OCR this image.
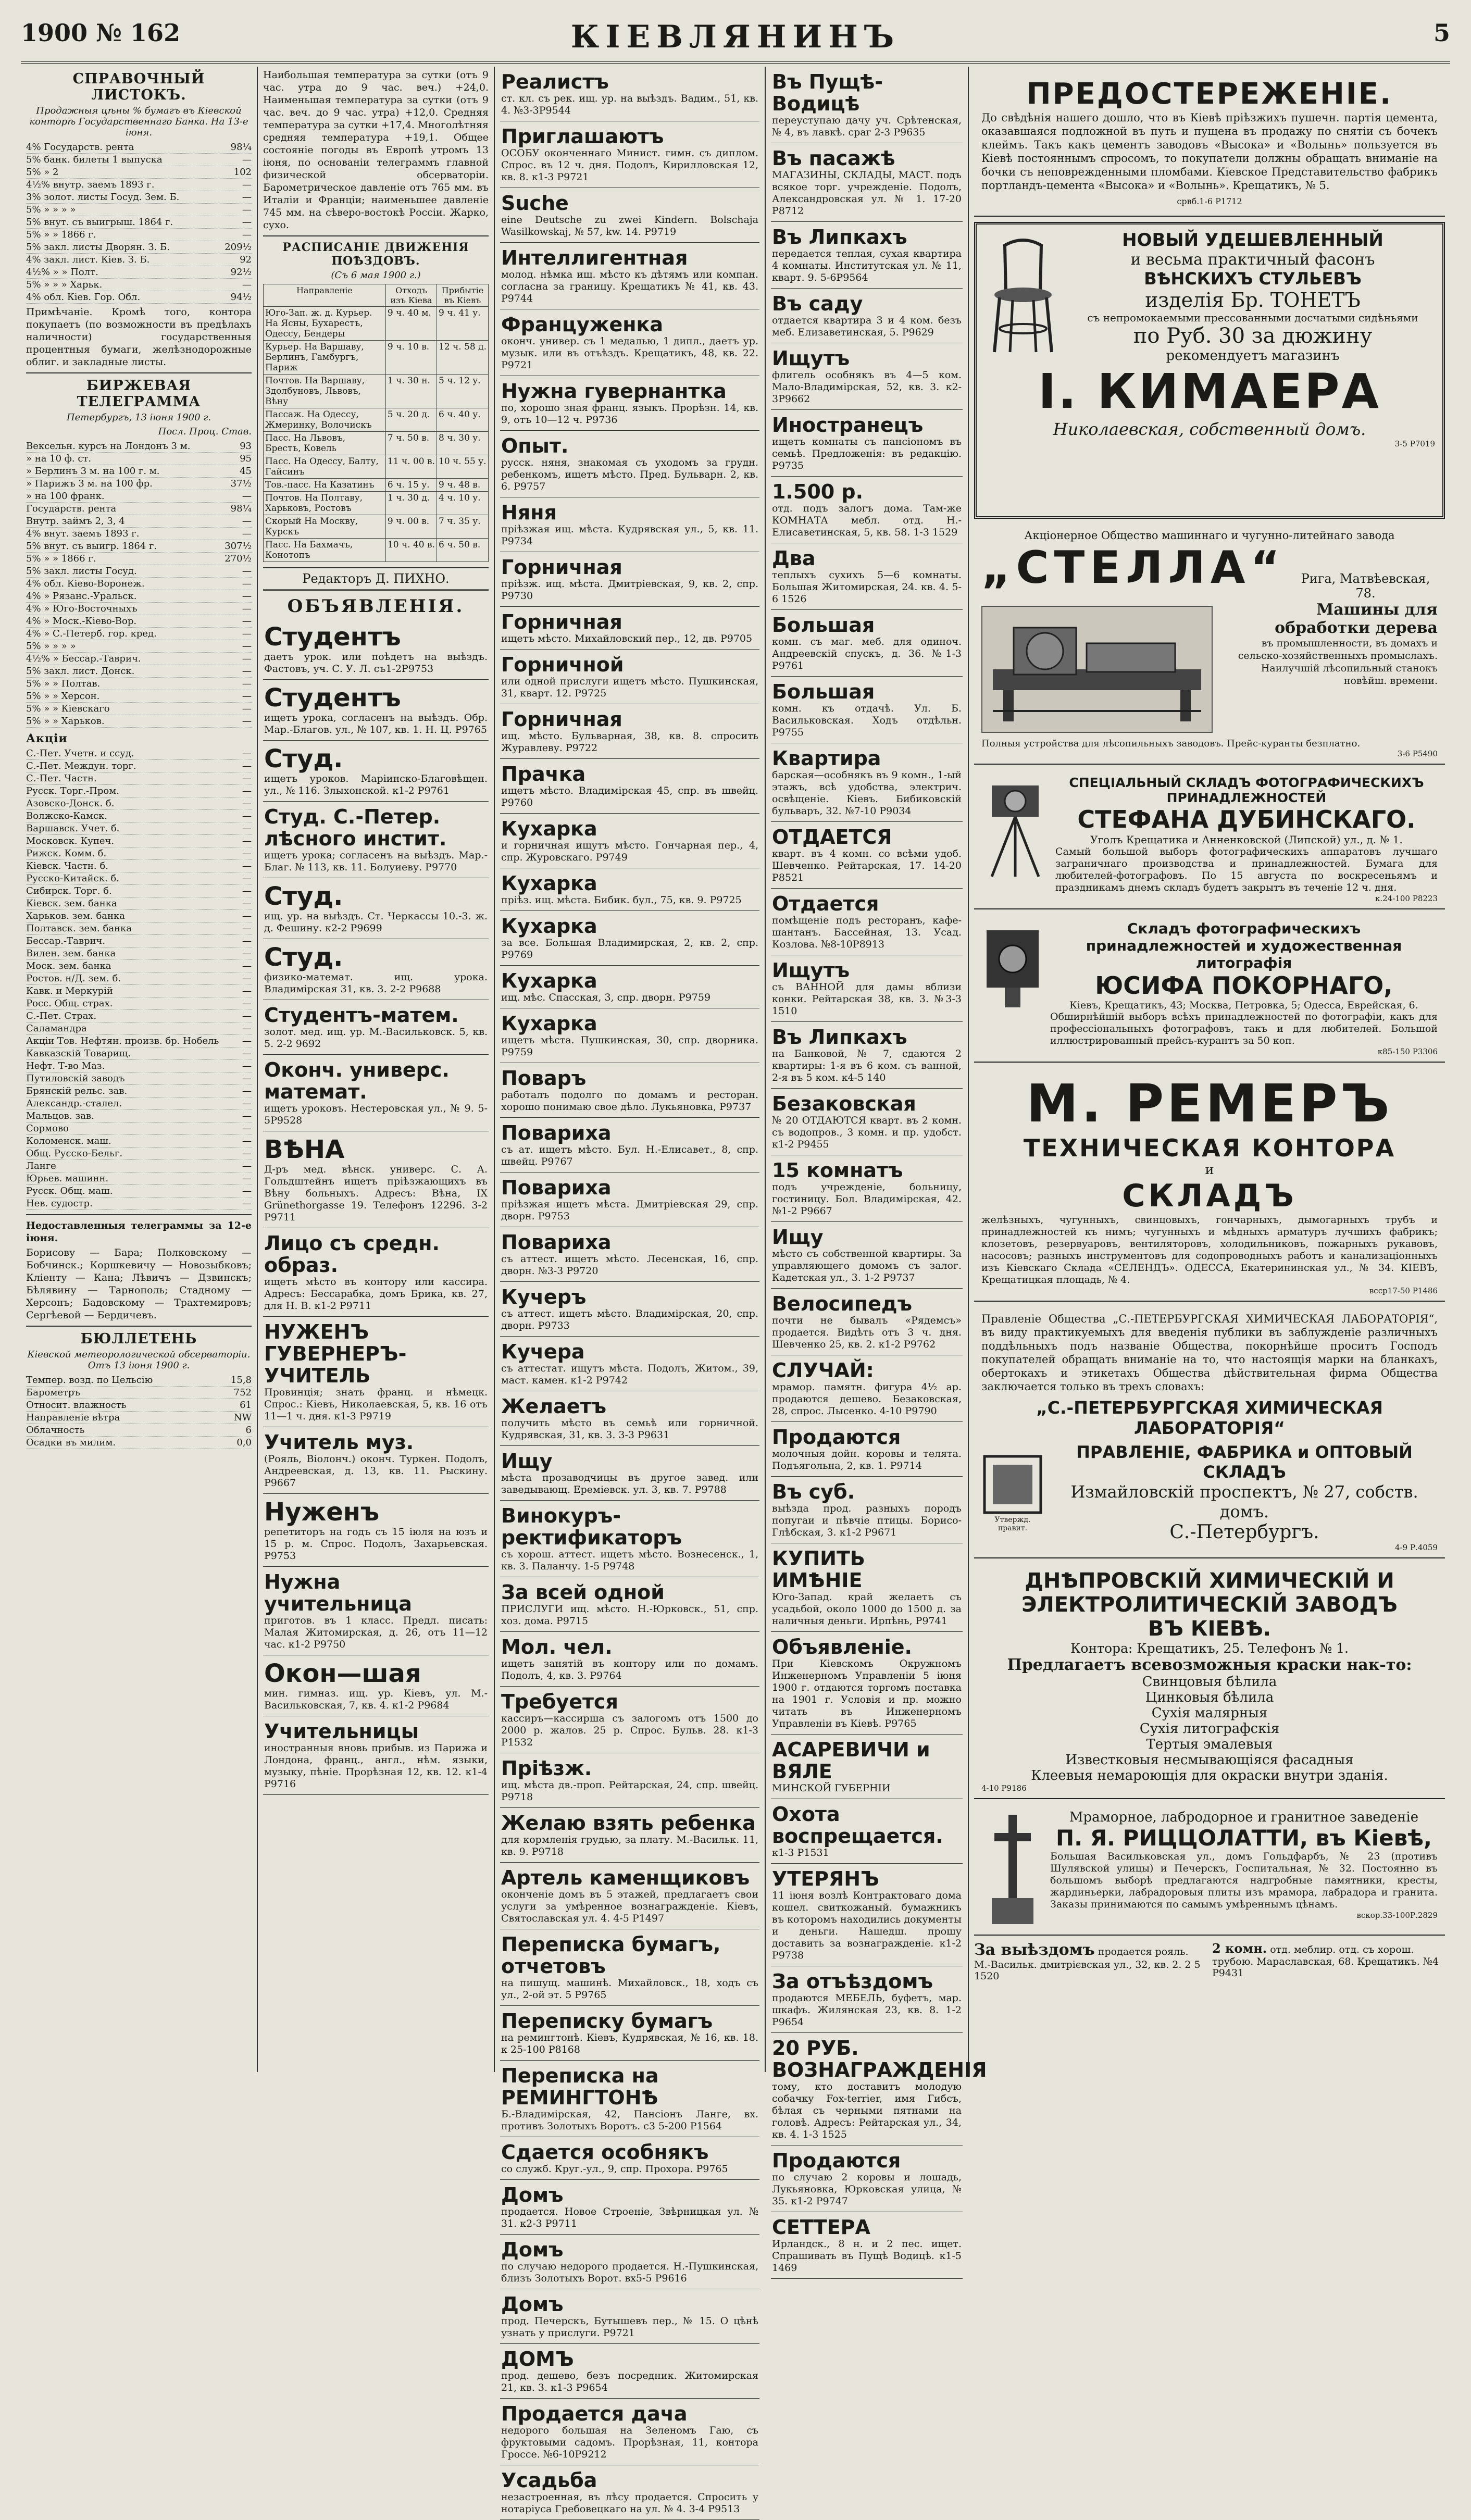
1900 № 162	КІЕВЛЯНИНЪ	5
СПРАВОЧНЫЙ ЛИСТОКЪ.
Продажныя цѣны % бумагъ въ Кіевской конторѣ Государственнаго Банка. На 13-е іюня.
4% Государств. рента	98¼
5% банк. билеты 1 выпуска	—
5% » 2	102
4½% внутр. заемъ 1893 г.	—
3% золот. листы Госуд. Зем. Б.	—
5% » » » »	—
5% внут. съ выигрыш. 1864 г.	—
5% » » 1866 г.	—
5% закл. листы Дворян. З. Б.	209½
4% закл. лист. Кіев. З. Б.	92
4½% » » Полт.	92½
5% » » » Харьк.	—
4% обл. Кіев. Гор. Обл.	94½
Примѣчаніе. Кромѣ того, контора покупаетъ (по возможности въ предѣлахъ наличности) государственныя процентныя бумаги, желѣзнодорожные облиг. и закладные листы.
БИРЖЕВАЯ ТЕЛЕГРАММА
Петербургъ, 13 іюня 1900 г.
Посл. Проц. Став.
Вексельн. курсъ на Лондонъ 3 м.	93
» на 10 ф. ст.	95
» Берлинъ 3 м. на 100 г. м.	45
» Парижъ 3 м. на 100 фр.	37½
» на 100 франк.	—
Государств. рента	98¼
Внутр. займъ 2, 3, 4	—
4% внут. заемъ 1893 г.	—
5% внут. съ выигр. 1864 г.	307½
5% » » 1866 г.	270½
5% закл. листы Госуд.	—
4% обл. Кіево-Воронеж.	—
4% » Рязанс.-Уральск.	—
4% » Юго-Восточныхъ	—
4% » Моск.-Кіево-Вор.	—
4% » С.-Петерб. гор. кред.	—
5% » » » »	—
4½% » Бессар.-Таврич.	—
5% закл. лист. Донск.	—
5% » » Полтав.	—
5% » » Херсон.	—
5% » » Кіевскаго	—
5% » » Харьков.	—
Акціи
С.-Пет. Учетн. и ссуд.	—
С.-Пет. Междун. торг.	—
С.-Пет. Частн.	—
Русск. Торг.-Пром.	—
Азовско-Донск. б.	—
Волжско-Камск.	—
Варшавск. Учет. б.	—
Московск. Купеч.	—
Рижск. Комм. б.	—
Кіевск. Частн. б.	—
Русско-Китайск. б.	—
Сибирск. Торг. б.	—
Кіевск. зем. банка	—
Харьков. зем. банка	—
Полтавск. зем. банка	—
Бессар.-Таврич.	—
Вилен. зем. банка	—
Моск. зем. банка	—
Ростов. н/Д. зем. б.	—
Кавк. и Меркурій	—
Росс. Общ. страх.	—
С.-Пет. Страх.	—
Саламандра	—
Акціи Тов. Нефтян. произв. бр. Нобель	—
Кавказскій Товарищ.	—
Нефт. Т-во Маз.	—
Путиловскій заводъ	—
Брянскій рельс. зав.	—
Александр.-сталел.	—
Мальцов. зав.	—
Сормово	—
Коломенск. маш.	—
Общ. Русско-Бельг.	—
Ланге	—
Юрьев. машинн.	—
Русск. Общ. маш.	—
Нев. судостр.	—
Недоставленныя телеграммы за 12-е іюня.
Борисову — Бара; Полковскому — Бобчинск.; Коршкевичу — Новозыбковъ; Кліенту — Кана; Лѣвичъ — Дзвинскъ; Бѣлявину — Тарнополь; Стадному — Херсонъ; Бадовскому — Трахтемировъ; Сергѣевой — Бердичевъ.
БЮЛЛЕТЕНЬ
Кіевской метеорологической обсерваторіи. Отъ 13 іюня 1900 г.
Темпер. возд. по Цельсію	15,8
Барометръ	752
Относит. влажность	61
Направленіе вѣтра	NW
Облачность	6
Осадки въ милим.	0,0
Наибольшая температура за сутки (отъ 9 час. утра до 9 час. веч.) +24,0. Наименьшая температура за сутки (отъ 9 час. веч. до 9 час. утра) +12,0. Средняя температура за сутки +17,4. Многолѣтняя средняя температура +19,1. Общее состояніе погоды въ Европѣ утромъ 13 іюня, по основаніи телеграммъ главной физической обсерваторіи. Барометрическое давленіе отъ 765 мм. въ Италіи и Франціи; наименьшее давленіе 745 мм. на сѣверо-востокѣ Россіи. Жарко, сухо.
РАСПИСАНІЕ ДВИЖЕНІЯ ПОѢЗДОВЪ.
(Съ 6 мая 1900 г.)
Направленіе	Отходъ изъ Кіева	Прибытіе въ Кіевъ
Юго-Зап. ж. д. Курьер. На Ясны, Бухарестъ, Одессу, Бендеры	9 ч. 40 м.	9 ч. 41 у.
Курьер. На Варшаву, Берлинъ, Гамбургъ, Париж	9 ч. 10 в.	12 ч. 58 д.
Почтов. На Варшаву, Здолбуновъ, Львовъ, Вѣну	1 ч. 30 н.	5 ч. 12 у.
Пассаж. На Одессу, Жмеринку, Волочискъ	5 ч. 20 д.	6 ч. 40 у.
Пасс. На Львовъ, Брестъ, Ковель	7 ч. 50 в.	8 ч. 30 у.
Пасс. На Одессу, Балту, Гайсинъ	11 ч. 00 в.	10 ч. 55 у.
Тов.-пасс. На Казатинъ	6 ч. 15 у.	9 ч. 48 в.
Почтов. На Полтаву, Харьковъ, Ростовъ	1 ч. 30 д.	4 ч. 10 у.
Скорый На Москву, Курскъ	9 ч. 00 в.	7 ч. 35 у.
Пасс. На Бахмачъ, Конотопъ	10 ч. 40 в.	6 ч. 50 в.
Редакторъ Д. ПИХНО.
ОБЪЯВЛЕНІЯ.
Студентъ
даетъ урок. или поѣдетъ на выѣздъ. Фастовъ, уч. С. У. Л. съ1-2Р9753
Студентъ
ищетъ урока, согласенъ на выѣздъ. Обр. Мар.-Благов. ул., № 107, кв. 1. Н. Ц. Р9765
Студ.
ищетъ уроков. Маріинско-Благовѣщен. ул., № 116. Злыхонской. к1-2 Р9761
Студ. С.-Петер. лѣсного инстит.
ищетъ урока; согласенъ на выѣздъ. Мар.-Благ. № 113, кв. 11. Болуиеву. Р9770
Студ.
ищ. ур. на выѣздъ. Ст. Черкассы 10.-3. ж. д. Фешину. к2-2 Р9699
Студ.
физико-математ. ищ. урока. Владимірская 31, кв. 3. 2-2 Р9688
Студентъ-матем.
золот. мед. ищ. ур. М.-Васильковск. 5, кв. 5. 2-2 9692
Оконч. универс. математ.
ищетъ уроковъ. Нестеровская ул., № 9. 5-5Р9528
ВѢНА
Д-ръ мед. вѣнск. универс. С. А. Гольдштейнъ ищетъ пріѣзжающихъ въ Вѣну больныхъ. Адресъ: Вѣна, IX Grünethorgasse 19. Телефонъ 12296. 3-2 Р9711
Лицо съ средн. образ.
ищетъ мѣсто въ контору или кассира. Адресъ: Бессарабка, домъ Брика, кв. 27, для Н. В. к1-2 Р9711
НУЖЕНЪ ГУВЕРНЕРЪ-УЧИТЕЛЬ
Провинція; знать франц. и нѣмецк. Спрос.: Кіевъ, Николаевская, 5, кв. 16 отъ 11—1 ч. дня. к1-3 Р9719
Учитель муз.
(Рояль, Віолонч.) оконч. Туркен. Подолъ, Андреевская, д. 13, кв. 11. Рыскину. Р9667
Нуженъ
репетиторъ на годъ съ 15 іюля на юзъ и 15 р. м. Спрос. Подолъ, Захарьевская. Р9753
Нужна учительница
приготов. въ 1 класс. Предл. писать: Малая Житомирская, д. 26, отъ 11—12 час. к1-2 Р9750
Окон—шая
мин. гимназ. ищ. ур. Кіевъ, ул. М.-Васильковская, 7, кв. 4. к1-2 Р9684
Учительницы
иностранныя вновь прибыв. из Парижа и Лондона, франц., англ., нѣм. языки, музыку, пѣніе. Прорѣзная 12, кв. 12. к1-4 Р9716
Реалистъ
ст. кл. съ рек. ищ. ур. на выѣздъ. Вадим., 51, кв. 4. №3-3Р9544
Приглашаютъ
ОСОБУ оконченнаго Минист. гимн. съ диплом. Спрос. въ 12 ч. дня. Подолъ, Кирилловская 12, кв. 8. к1-3 Р9721
Suche
eine Deutsche zu zwei Kindern. Bolschaja Wasilkowskaj, № 57, kw. 14. Р9719
Интеллигентная
молод. нѣмка ищ. мѣсто къ дѣтямъ или компан. согласна за границу. Крещатикъ № 41, кв. 43. Р9744
Француженка
оконч. универ. съ 1 медалью, 1 дипл., даетъ ур. музык. или въ отъѣздъ. Крещатикъ, 48, кв. 22. Р9721
Нужна гувернантка
по, хорошо зная франц. языкъ. Прорѣзн. 14, кв. 9, отъ 10—12 ч. Р9736
Опыт.
русск. няня, знакомая съ уходомъ за грудн. ребенкомъ, ищетъ мѣсто. Пред. Бульварн. 2, кв. 6. Р9757
Няня
пріѣзжая ищ. мѣста. Кудрявская ул., 5, кв. 11. Р9734
Горничная
пріѣзж. ищ. мѣста. Дмитріевская, 9, кв. 2, спр. Р9730
Горничная
ищетъ мѣсто. Михайловский пер., 12, дв. Р9705
Горничной
или одной прислуги ищетъ мѣсто. Пушкинская, 31, кварт. 12. Р9725
Горничная
ищ. мѣсто. Бульварная, 38, кв. 8. спросить Журавлеву. Р9722
Прачка
ищетъ мѣсто. Владимірская 45, спр. въ швейц. Р9760
Кухарка
и горничная ищутъ мѣсто. Гончарная пер., 4, спр. Журовскаго. Р9749
Кухарка
пріѣз. ищ. мѣста. Бибик. бул., 75, кв. 9. Р9725
Кухарка
за все. Большая Владимирская, 2, кв. 2, спр. Р9769
Кухарка
ищ. мѣс. Спасская, 3, спр. дворн. Р9759
Кухарка
ищетъ мѣста. Пушкинская, 30, спр. дворника. Р9759
Поваръ
работалъ подолго по домамъ и ресторан. хорошо понимаю свое дѣло. Лукьяновка, Р9737
Повариха
съ ат. ищетъ мѣсто. Бул. Н.-Елисавет., 8, спр. швейц. Р9767
Повариха
пріѣзжая ищетъ мѣста. Дмитріевская 29, спр. дворн. Р9753
Повариха
съ аттест. ищетъ мѣсто. Лесенская, 16, спр. дворн. №3-3 Р9720
Кучеръ
съ аттест. ищетъ мѣсто. Владимірская, 20, спр. дворн. Р9733
Кучера
съ аттестат. ищутъ мѣста. Подолъ, Житом., 39, маст. камен. к1-2 Р9742
Желаетъ
получить мѣсто въ семьѣ или горничной. Кудрявская, 31, кв. 3. 3-3 Р9631
Ищу
мѣста прозаводчицы въ другое завед. или заведывающ. Ереміевск. ул. 3, кв. 7. Р9788
Винокуръ-ректификаторъ
съ хорош. аттест. ищетъ мѣсто. Вознесенск., 1, кв. 3. Паланчу. 1-5 Р9748
За всей одной
ПРИСЛУГИ ищ. мѣсто. Н.-Юрковск., 51, спр. хоз. дома. Р9715
Мол. чел.
ищетъ занятій въ контору или по домамъ. Подолъ, 4, кв. 3. Р9764
Требуется
кассиръ—кассирша съ залогомъ отъ 1500 до 2000 р. жалов. 25 р. Спрос. Бульв. 28. к1-3 Р1532
Пріѣзж.
ищ. мѣста дв.-проп. Рейтарская, 24, спр. швейц. Р9718
Желаю взять ребенка
для кормленія грудью, за плату. М.-Васильк. 11, кв. 9. Р9718
Артель каменщиковъ
оконченіе домъ въ 5 этажей, предлагаетъ свои услуги за умѣренное вознагражденіе. Кіевъ, Святославская ул. 4. 4-5 Р1497
Переписка бумагъ, отчетовъ
на пишущ. машинѣ. Михайловск., 18, ходъ съ ул., 2-ой эт. 5 Р9765
Переписку бумагъ
на ремингтонѣ. Кіевъ, Кудрявская, № 16, кв. 18. к 25-100 Р8168
Переписка на РЕМИНГТОНѢ
Б.-Владимірская, 42, Пансіонъ Ланге, вх. противъ Золотыхъ Воротъ. с3 5-200 Р1564
Сдается особнякъ
со служб. Круг.-ул., 9, спр. Прохора. Р9765
Домъ
продается. Новое Строеніе, Звѣрницкая ул. № 31. к2-3 Р9711
Домъ
по случаю недорого продается. Н.-Пушкинская, близъ Золотыхъ Ворот. вх5-5 Р9616
Домъ
прод. Печерскъ, Бутышевъ пер., № 15. О цѣнѣ узнать у прислуги. Р9721
ДОМЪ
прод. дешево, безъ посредник. Житомирская 21, кв. 3. к1-3 Р9654
Продается дача
недорого большая на Зеленомъ Гаю, съ фруктовыми садомъ. Прорѣзная, 11, контора Гроссе. №6-10Р9212
Усадьба
незастроенная, въ лѣсу продается. Спросить у нотаріуса Гребовецкаго на ул. № 4. 3-4 Р9513
Въ Пущѣ-Водицѣ
переуступаю дачу уч. Срѣтенская, № 4, въ лавкѣ. сраг 2-3 Р9635
Въ пасажѣ
МАГАЗИНЫ, СКЛАДЫ, МАСТ. подъ всякое торг. учрежденіе. Подолъ, Александровская ул. № 1. 17-20 Р8712
Въ Липкахъ
передается теплая, сухая квартира 4 комнаты. Институтская ул. № 11, кварт. 9. 5-6Р9564
Въ саду
отдается квартира 3 и 4 ком. безъ меб. Елизаветинская, 5. Р9629
Ищутъ
флигель особнякъ въ 4—5 ком. Мало-Владимірская, 52, кв. 3. к2-3Р9662
Иностранецъ
ищетъ комнаты съ пансіономъ въ семьѣ. Предложенія: въ редакцію. Р9735
1.500 р.
отд. подъ залогъ дома. Там-же КОМНАТА мебл. отд. Н.-Елисаветинская, 5, кв. 58. 1-3 1529
Два
теплыхъ сухихъ 5—6 комнаты. Большая Житомирская, 24. кв. 4. 5-6 1526
Большая
комн. съ маг. меб. для одиноч. Андреевскій спускъ, д. 36. №1-3 Р9761
Большая
комн. къ отдачѣ. Ул. Б. Васильковская. Ходъ отдѣльн. Р9755
Квартира
барская—особнякъ въ 9 комн., 1-ый этажъ, всѣ удобства, электрич. освѣщеніе. Кіевъ. Бибиковскій бульваръ, 32. №7-10 Р9034
ОТДАЕТСЯ
кварт. въ 4 комн. со всѣми удоб. Шевченко. Рейтарская, 17. 14-20 Р8521
Отдается
помѣщеніе подъ ресторанъ, кафе-шантанъ. Бассейная, 13. Усад. Козлова. №8-10Р8913
Ищутъ
съ ВАННОЙ для дамы вблизи конки. Рейтарская 38, кв. 3. №3-3 1510
Въ Липкахъ
на Банковой, № 7, сдаются 2 квартиры: 1-я въ 6 ком. съ ванной, 2-я въ 5 ком. к4-5 140
Безаковская
№ 20 ОТДАЮТСЯ кварт. въ 2 комн. съ водопров., 3 комн. и пр. удобст. к1-2 Р9455
15 комнатъ
подъ учрежденіе, больницу, гостиницу. Бол. Владимірская, 42. №1-2 Р9667
Ищу
мѣсто съ собственной квартиры. За управляющего домомъ съ залог. Кадетская ул., 3. 1-2 Р9737
Велосипедъ
почти не бывалъ «Рядемсъ» продается. Видѣть отъ 3 ч. дня. Шевченко 25, кв. 2. к1-2 Р9762
СЛУЧАЙ:
мрамор. памятн. фигура 4½ ар. продаются дешево. Безаковская, 28, спрос. Лысенко. 4-10 Р9790
Продаются
молочныя дойн. коровы и телята. Подъягольна, 2, кв. 1. Р9714
Въ суб.
выѣзда прод. разныхъ породъ попугаи и пѣвчіе птицы. Борисо-Глѣбская, 3. к1-2 Р9671
КУПИТЬ ИМѢНІЕ
Юго-Запад. край желаетъ съ усадьбой, около 1000 до 1500 д. за наличныя деньги. Ирпѣнь, Р9741
Объявленіе.
При Кіевскомъ Окружномъ Инженерномъ Управленіи 5 іюня 1900 г. отдаются торгомъ поставка на 1901 г. Условія и пр. можно читать въ Инженерномъ Управленіи въ Кіевѣ. Р9765
АСАРЕВИЧИ и ВЯЛЕ
МИНСКОЙ ГУБЕРНІИ
Охота воспрещается.
к1-3 Р1531
УТЕРЯНЪ
11 іюня возлѣ Контрактоваго дома кошел. свиткожаный. бумажникъ въ которомъ находились документы и деньги. Нашедш. прошу доставить за вознагражденіе. к1-2 Р9738
За отъѣздомъ
продаются МЕБЕЛЬ, буфетъ, мар. шкафъ. Жилянская 23, кв. 8. 1-2 Р9654
20 РУБ. ВОЗНАГРАЖДЕНІЯ
тому, кто доставитъ молодую собачку Fox-terrier, имя Гибсъ, бѣлая съ черными пятнами на головѣ. Адресъ: Рейтарская ул., 34, кв. 4. 1-3 1525
Продаются
по случаю 2 коровы и лошадь, Лукьяновка, Юрковская улица, № 35. к1-2 Р9747
СЕТТЕРА
Ирландск., 8 н. и 2 пес. ищет. Спрашивать въ Пущѣ Водицѣ. к1-5 1469
ПРЕДОСТЕРЕЖЕНІЕ.
До свѣдѣнія нашего дошло, что въ Кіевѣ пріѣзжихъ пушечн. партія цемента, оказавшаяся подложной въ путь и пущена въ продажу по снятіи съ бочекъ клеймъ. Такъ какъ цементъ заводовъ «Высока» и «Волынь» пользуется въ Кіевѣ постояннымъ спросомъ, то покупатели должны обращать вниманіе на бочки съ неповрежденными пломбами. Кіевское Представительство фабрикъ портландъ-цемента «Высока» и «Волынь». Крещатикъ, № 5.
срвб.1-6 Р1712
НОВЫЙ УДЕШЕВЛЕННЫЙ
и весьма практичный фасонъ
ВѢНСКИХЪ СТУЛЬЕВЪ
изделія Бр. ТОНЕТЪ
съ непромокаемыми прессованными досчатыми сидѣньями
по Руб. 30 за дюжину
рекомендуетъ магазинъ
І. КИМАЕРА
Николаевская, собственный домъ.
3-5 Р7019
Акціонерное Общество машиннаго и чугунно-литейнаго завода
„СТЕЛЛА“	Рига, Матвѣевская, 78.
Машины для обработки дерева
въ промышленности, въ домахъ и сельско-хозяйственныхъ промыслахъ. Наилучшій лѣсопильный станокъ новѣйш. времени.
Полныя устройства для лѣсопильныхъ заводовъ. Прейс-куранты безплатно.
3-6 Р5490
СПЕЦІАЛЬНЫЙ СКЛАДЪ ФОТОГРАФИЧЕСКИХЪ ПРИНАДЛЕЖНОСТЕЙ
СТЕФАНА ДУБИНСКАГО.
Уголъ Крещатика и Анненковской (Липской) ул., д. № 1.
Самый большой выборъ фотографическихъ аппаратовъ лучшаго заграничнаго производства и принадлежностей. Бумага для любителей-фотографовъ. По 15 августа по воскресеньямъ и праздникамъ днемъ складъ будетъ закрытъ въ теченіе 12 ч. дня.
к.24-100 Р8223
Складъ фотографическихъ принадлежностей и художественная литографія
ЮСИФА ПОКОРНАГО,
Кіевъ, Крещатикъ, 43; Москва, Петровка, 5; Одесса, Еврейская, 6.
Обширнѣйшій выборъ всѣхъ принадлежностей по фотографіи, какъ для профессіональныхъ фотографовъ, такъ и для любителей. Большой иллюстрированный прейсъ-курантъ за 50 коп.
к85-150 Р3306
М. РЕМЕРЪ
ТЕХНИЧЕСКАЯ КОНТОРА
и
СКЛАДЪ
желѣзныхъ, чугунныхъ, свинцовыхъ, гончарныхъ, дымогарныхъ трубъ и принадлежностей къ нимъ; чугунныхъ и мѣдныхъ арматуръ лучшихъ фабрикъ; клозетовъ, резервуаровъ, вентиляторовъ, холодильниковъ, пожарныхъ рукавовъ, насосовъ; разныхъ инструментовъ для содопроводныхъ работъ и канализаціонныхъ изъ Кіевскаго Склада «СЕЛЕНДЪ». ОДЕССА, Екатерининская ул., № 34. КІЕВЪ, Крещатицкая площадь, № 4.
всср17-50 Р1486
Правленіе Общества „С.-ПЕТЕРБУРГСКАЯ ХИМИЧЕСКАЯ ЛАБОРАТОРІЯ“, въ виду практикуемыхъ для введенія публики въ заблужденіе различныхъ поддѣльныхъ подъ названіе Общества, покорнѣйше проситъ Господъ покупателей обращать вниманіе на то, что настоящія марки на бланкахъ, обертокахъ и этикетахъ Общества дѣйствительная фирма Общества заключается только въ трехъ словахъ:
„С.-ПЕТЕРБУРГСКАЯ ХИМИЧЕСКАЯ ЛАБОРАТОРІЯ“
Утвержд. правит.
ПРАВЛЕНІЕ, ФАБРИКА и ОПТОВЫЙ СКЛАДЪ
Измайловскій проспектъ, № 27, собств. домъ.
С.-Петербургъ.
4-9 Р.4059
ДНѢПРОВСКІЙ ХИМИЧЕСКІЙ И ЭЛЕКТРОЛИТИЧЕСКІЙ ЗАВОДЪ
ВЪ КІЕВѢ.
Контора: Крещатикъ, 25. Телефонъ № 1.
Предлагаетъ всевозможныя краски нак-то:
Свинцовыя бѣлила
Цинковыя бѣлила
Сухія малярныя
Сухія литографскія
Тертыя эмалевыя
Известковыя несмывающіяся фасадныя
Клеевыя немароющія для окраски внутри зданія.
4-10 Р9186
Мраморное, лабродорное и гранитное заведеніе
П. Я. РИЦЦОЛАТТИ, въ Кіевѣ,
Большая Васильковская ул., домъ Гольдфарбъ, № 23 (противъ Шулявской улицы) и Печерскъ, Госпитальная, № 32. Постоянно въ большомъ выборѣ предлагаются надгробные памятники, кресты, жардиньерки, лабрадоровыя плиты изъ мрамора, лабрадора и гранита. Заказы принимаются по самымъ умѣреннымъ цѣнамъ.
вскор.33-100Р.2829
За выѣздомъ продается рояль. М.-Васильк. дмитрієвская ул., 32, кв. 2. 2 5 1520
2 комн. отд. меблир. отд. съ хорош. трубою. Мараславская, 68. Крещатикъ. №4 Р9431
